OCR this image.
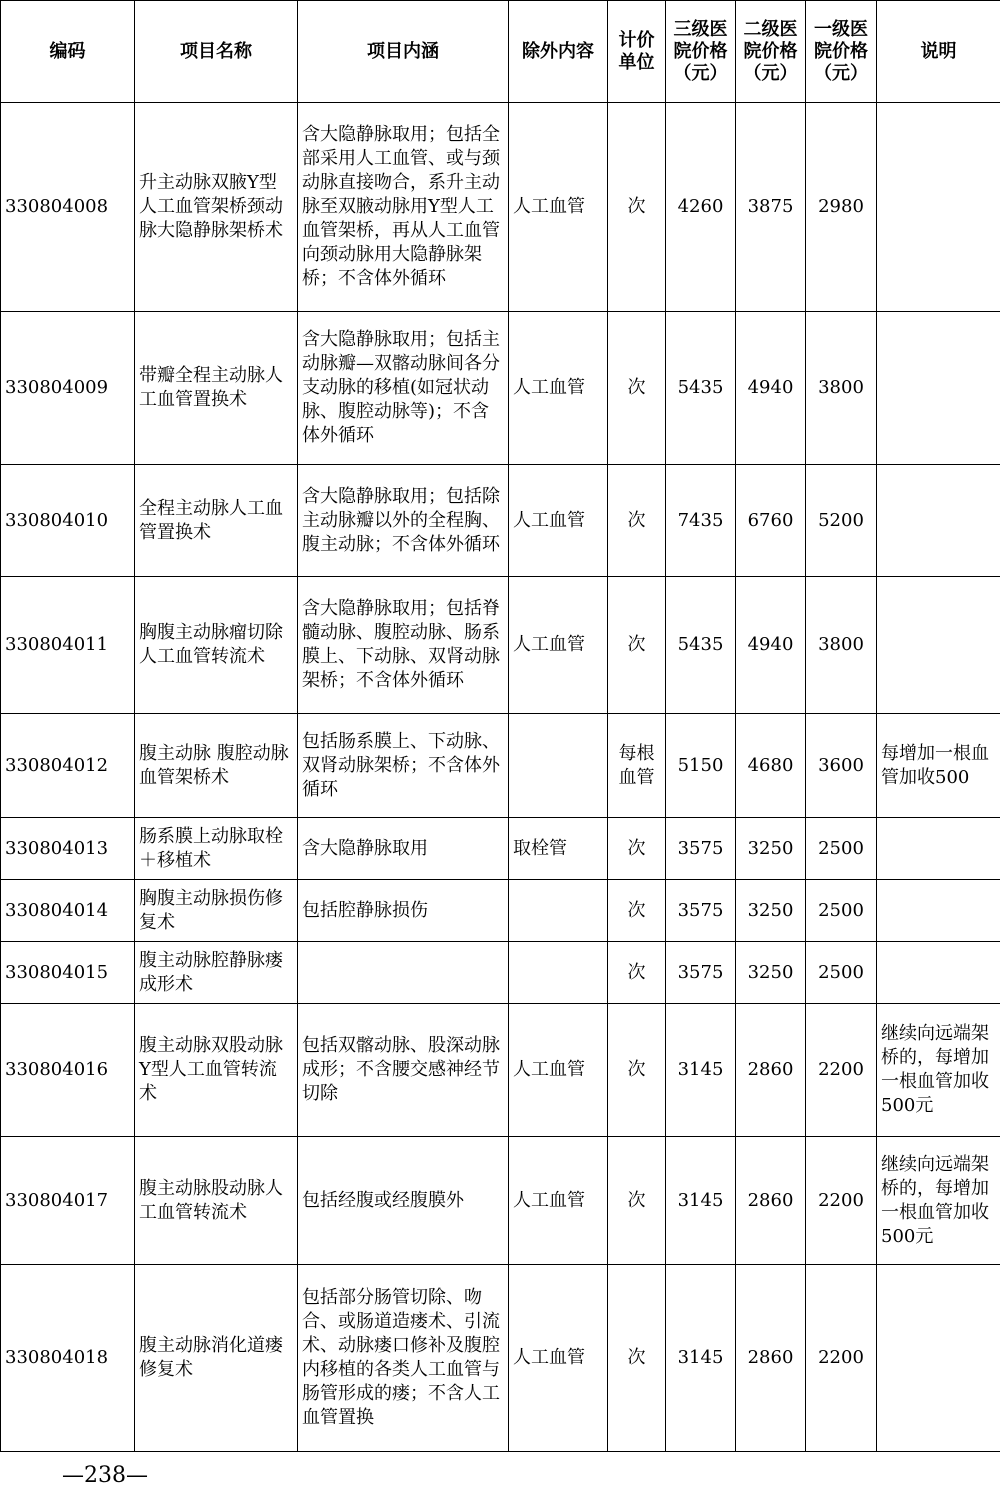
编码	项目名称	项目内涵	除外内容	计价单位	三级医院价格（元）	二级医院价格（元）	一级医院价格（元）	说明
330804008	升主动脉双腋Y型人工血管架桥颈动脉大隐静脉架桥术	含大隐静脉取用；包括全部采用人工血管、或与颈动脉直接吻合，系升主动脉至双腋动脉用Y型人工血管架桥，再从人工血管向颈动脉用大隐静脉架桥；不含体外循环	人工血管	次	4260	3875	2980	
330804009	带瓣全程主动脉人工血管置换术	含大隐静脉取用；包括主动脉瓣—双髂动脉间各分支动脉的移植(如冠状动脉、腹腔动脉等)；不含体外循环	人工血管	次	5435	4940	3800	
330804010	全程主动脉人工血管置换术	含大隐静脉取用；包括除主动脉瓣以外的全程胸、腹主动脉；不含体外循环	人工血管	次	7435	6760	5200	
330804011	胸腹主动脉瘤切除人工血管转流术	含大隐静脉取用；包括脊髓动脉、腹腔动脉、肠系膜上、下动脉、双肾动脉架桥；不含体外循环	人工血管	次	5435	4940	3800	
330804012	腹主动脉 腹腔动脉血管架桥术	包括肠系膜上、下动脉、双肾动脉架桥；不含体外循环		每根血管	5150	4680	3600	每增加一根血管加收500
330804013	肠系膜上动脉取栓＋移植术	含大隐静脉取用	取栓管	次	3575	3250	2500	
330804014	胸腹主动脉损伤修复术	包括腔静脉损伤		次	3575	3250	2500	
330804015	腹主动脉腔静脉瘘成形术			次	3575	3250	2500	
330804016	腹主动脉双股动脉Y型人工血管转流术	包括双髂动脉、股深动脉成形；不含腰交感神经节切除	人工血管	次	3145	2860	2200	继续向远端架桥的，每增加一根血管加收500元
330804017	腹主动脉股动脉人工血管转流术	包括经腹或经腹膜外	人工血管	次	3145	2860	2200	继续向远端架桥的，每增加一根血管加收500元
330804018	腹主动脉消化道瘘修复术	包括部分肠管切除、吻合、或肠道造瘘术、引流术、动脉瘘口修补及腹腔内移植的各类人工血管与肠管形成的瘘；不含人工血管置换	人工血管	次	3145	2860	2200	
—238—
